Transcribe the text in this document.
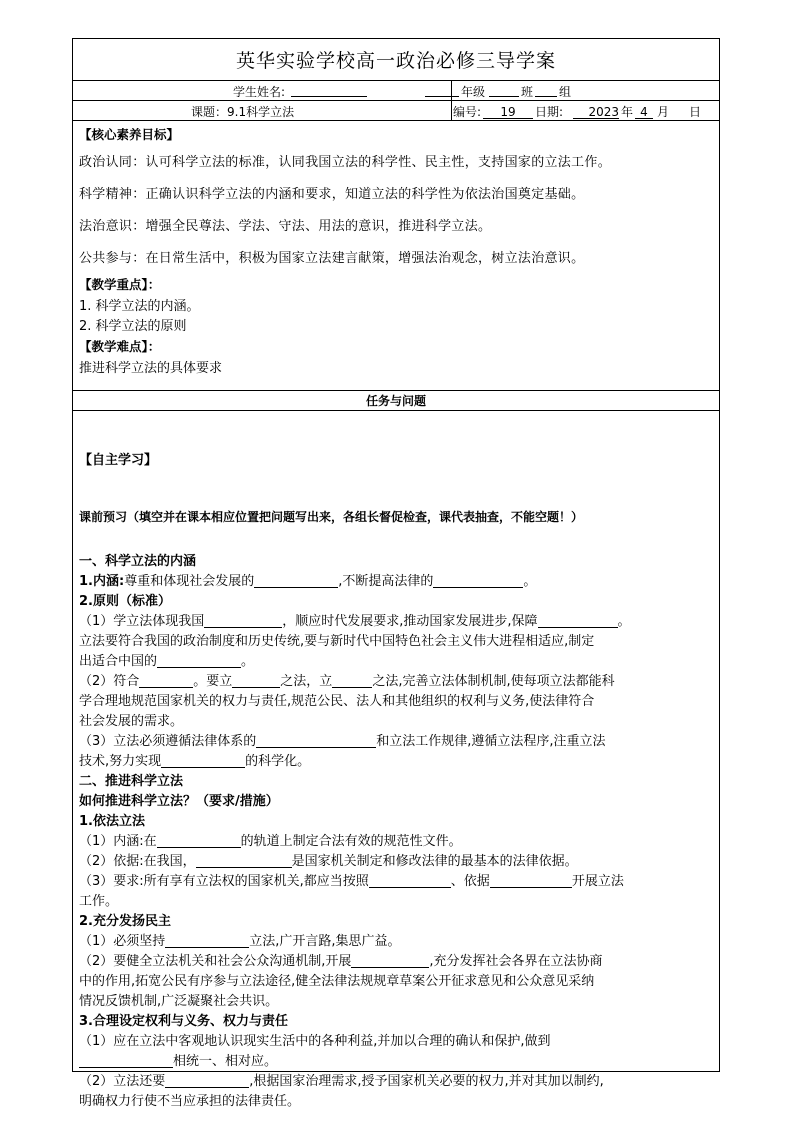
英华实验学校高一政治必修三导学案
学生姓名:	年级	班 组
课题：9.1科学立法	编号:	19	日期:	2023 年 4 月 日
【核心素养目标】
政治认同：认可科学立法的标准，认同我国立法的科学性、民主性，支持国家的立法工作。
科学精神：正确认识科学立法的内涵和要求，知道立法的科学性为依法治国奠定基础。
法治意识：增强全民尊法、学法、守法、用法的意识，推进科学立法。
公共参与：在日常生活中，积极为国家立法建言献策，增强法治观念，树立法治意识。
【教学重点】：
1. 科学立法的内涵。
2. 科学立法的原则
【教学难点】：
推进科学立法的具体要求
任务与问题
【自主学习】
课前预习（填空并在课本相应位置把问题写出来，各组长督促检查，课代表抽查，不能空题！）
一、科学立法的内涵
1.内涵:尊重和体现社会发展的	,不断提高法律的	。
2.原则（标准）
（1）学立法体现我国	，顺应时代发展要求,推动国家发展进步,保障	。
立法要符合我国的政治制度和历史传统,要与新时代中国特色社会主义伟大进程相适应,制定
出适合中国的	。
（2）符合	。要立	之法，立	之法,完善立法体制机制,使每项立法都能科
学合理地规范国家机关的权力与责任,规范公民、法人和其他组织的权利与义务,使法律符合
社会发展的需求。
（3）立法必须遵循法律体系的	和立法工作规律,遵循立法程序,注重立法
技术,努力实现	的科学化。
二、推进科学立法
如何推进科学立法？（要求/措施）
1.依法立法
（1）内涵:在	的轨道上制定合法有效的规范性文件。
（2）依据:在我国，	是国家机关制定和修改法律的最基本的法律依据。
（3）要求:所有享有立法权的国家机关,都应当按照	、依据	开展立法
工作。
2.充分发扬民主
（1）必须坚持	立法,广开言路,集思广益。
（2）要健全立法机关和社会公众沟通机制,开展	,充分发挥社会各界在立法协商
中的作用,拓宽公民有序参与立法途径,健全法律法规规章草案公开征求意见和公众意见采纳
情况反馈机制,广泛凝聚社会共识。
3.合理设定权利与义务、权力与责任
（1）应在立法中客观地认识现实生活中的各种利益,并加以合理的确认和保护,做到
相统一、相对应。
（2）立法还要	,根据国家治理需求,授予国家机关必要的权力,并对其加以制约,
明确权力行使不当应承担的法律责任。
